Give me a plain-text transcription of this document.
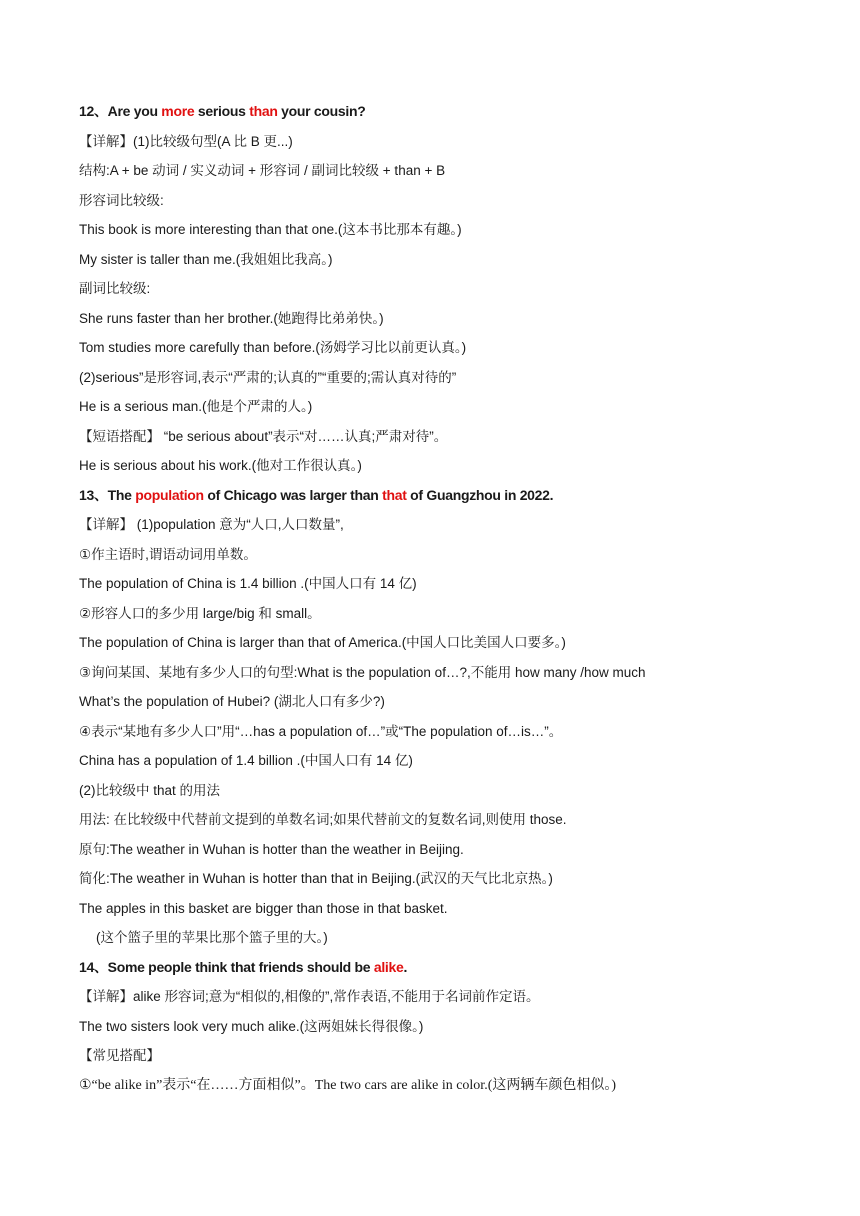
12、Are you more serious than your cousin?
【详解】(1)比较级句型(A 比 B 更...)
结构:A + be 动词 / 实义动词 + 形容词 / 副词比较级 + than + B
形容词比较级:
This book is more interesting than that one.(这本书比那本有趣。)
My sister is taller than me.(我姐姐比我高。)
副词比较级:
She runs faster than her brother.(她跑得比弟弟快。)
Tom studies more carefully than before.(汤姆学习比以前更认真。)
(2)serious”是形容词,表示“严肃的;认真的”“重要的;需认真对待的”
He is a serious man.(他是个严肃的人。)
【短语搭配】 “be serious about”表示“对……认真;严肃对待”。
He is serious about his work.(他对工作很认真。)
13、The population of Chicago was larger than that of Guangzhou in 2022.
【详解】 (1)population 意为“人口,人口数量”,
①作主语时,谓语动词用单数。
The population of China is 1.4 billion .(中国人口有 14 亿)
②形容人口的多少用 large/big 和 small。
The population of China is larger than that of America.(中国人口比美国人口要多。)
③询问某国、某地有多少人口的句型:What is the population of…?,不能用 how many /how much
What’s the population of Hubei? (湖北人口有多少?)
④表示“某地有多少人口”用“…has a population of…”或“The population of…is…”。
China has a population of 1.4 billion .(中国人口有 14 亿)
(2)比较级中 that 的用法
用法: 在比较级中代替前文提到的单数名词;如果代替前文的复数名词,则使用 those.
原句:The weather in Wuhan is hotter than the weather in Beijing.
简化:The weather in Wuhan is hotter than that in Beijing.(武汉的天气比北京热。)
The apples in this basket are bigger than those in that basket.
(这个篮子里的苹果比那个篮子里的大。)
14、Some people think that friends should be alike.
【详解】alike 形容词;意为“相似的,相像的”,常作表语,不能用于名词前作定语。
The two sisters look very much alike.(这两姐妹长得很像。)
【常见搭配】
①“be alike in”表示“在……方面相似”。The two cars are alike in color.(这两辆车颜色相似。)
